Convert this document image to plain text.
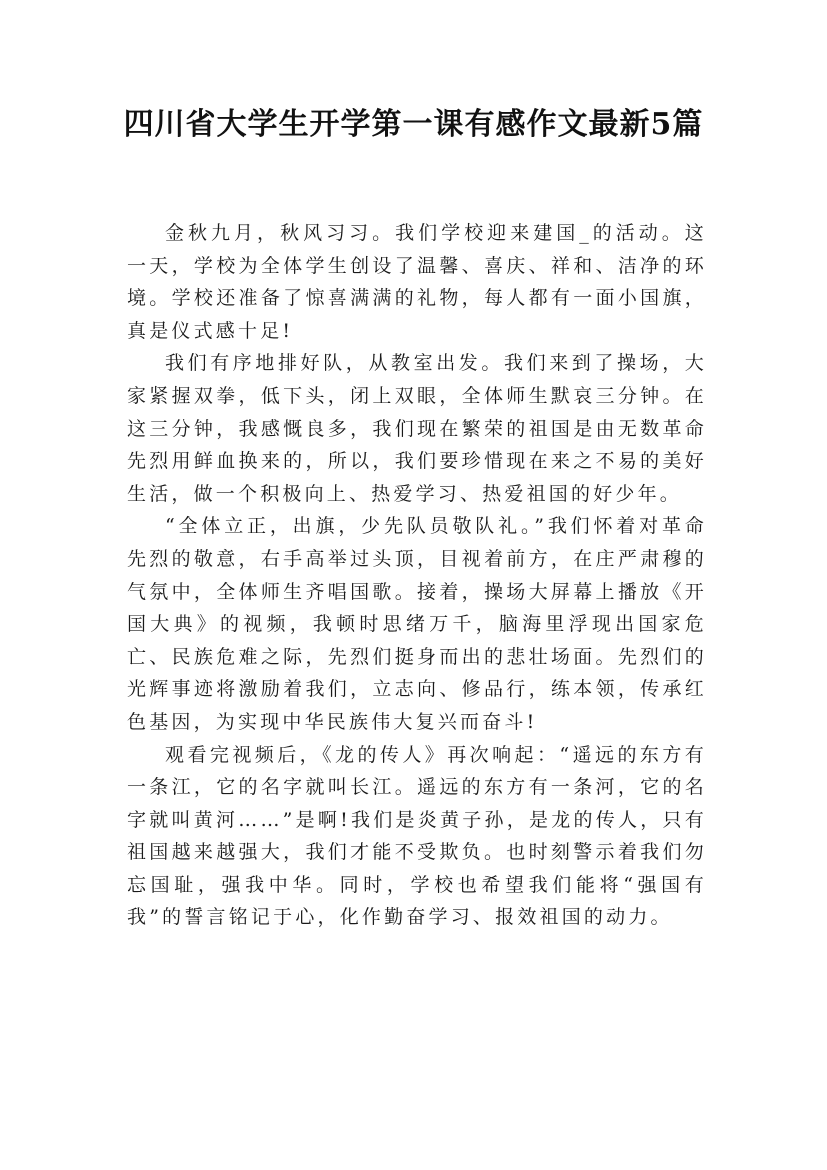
四川省大学生开学第一课有感作文最新5篇

金秋九月，秋风习习。我们学校迎来建国_的活动。这一天，学校为全体学生创设了温馨、喜庆、祥和、洁净的环境。学校还准备了惊喜满满的礼物，每人都有一面小国旗，真是仪式感十足!

我们有序地排好队，从教室出发。我们来到了操场，大家紧握双拳，低下头，闭上双眼，全体师生默哀三分钟。在这三分钟，我感慨良多，我们现在繁荣的祖国是由无数革命先烈用鲜血换来的，所以，我们要珍惜现在来之不易的美好生活，做一个积极向上、热爱学习、热爱祖国的好少年。

“全体立正，出旗，少先队员敬队礼。”我们怀着对革命先烈的敬意，右手高举过头顶，目视着前方，在庄严肃穆的气氛中，全体师生齐唱国歌。接着，操场大屏幕上播放《开国大典》的视频，我顿时思绪万千，脑海里浮现出国家危亡、民族危难之际，先烈们挺身而出的悲壮场面。先烈们的光辉事迹将激励着我们，立志向、修品行，练本领，传承红色基因，为实现中华民族伟大复兴而奋斗!

观看完视频后，《龙的传人》再次响起：“遥远的东方有一条江，它的名字就叫长江。遥远的东方有一条河，它的名字就叫黄河……”是啊!我们是炎黄子孙，是龙的传人，只有祖国越来越强大，我们才能不受欺负。也时刻警示着我们勿忘国耻，强我中华。同时，学校也希望我们能将“强国有我”的誓言铭记于心，化作勤奋学习、报效祖国的动力。
